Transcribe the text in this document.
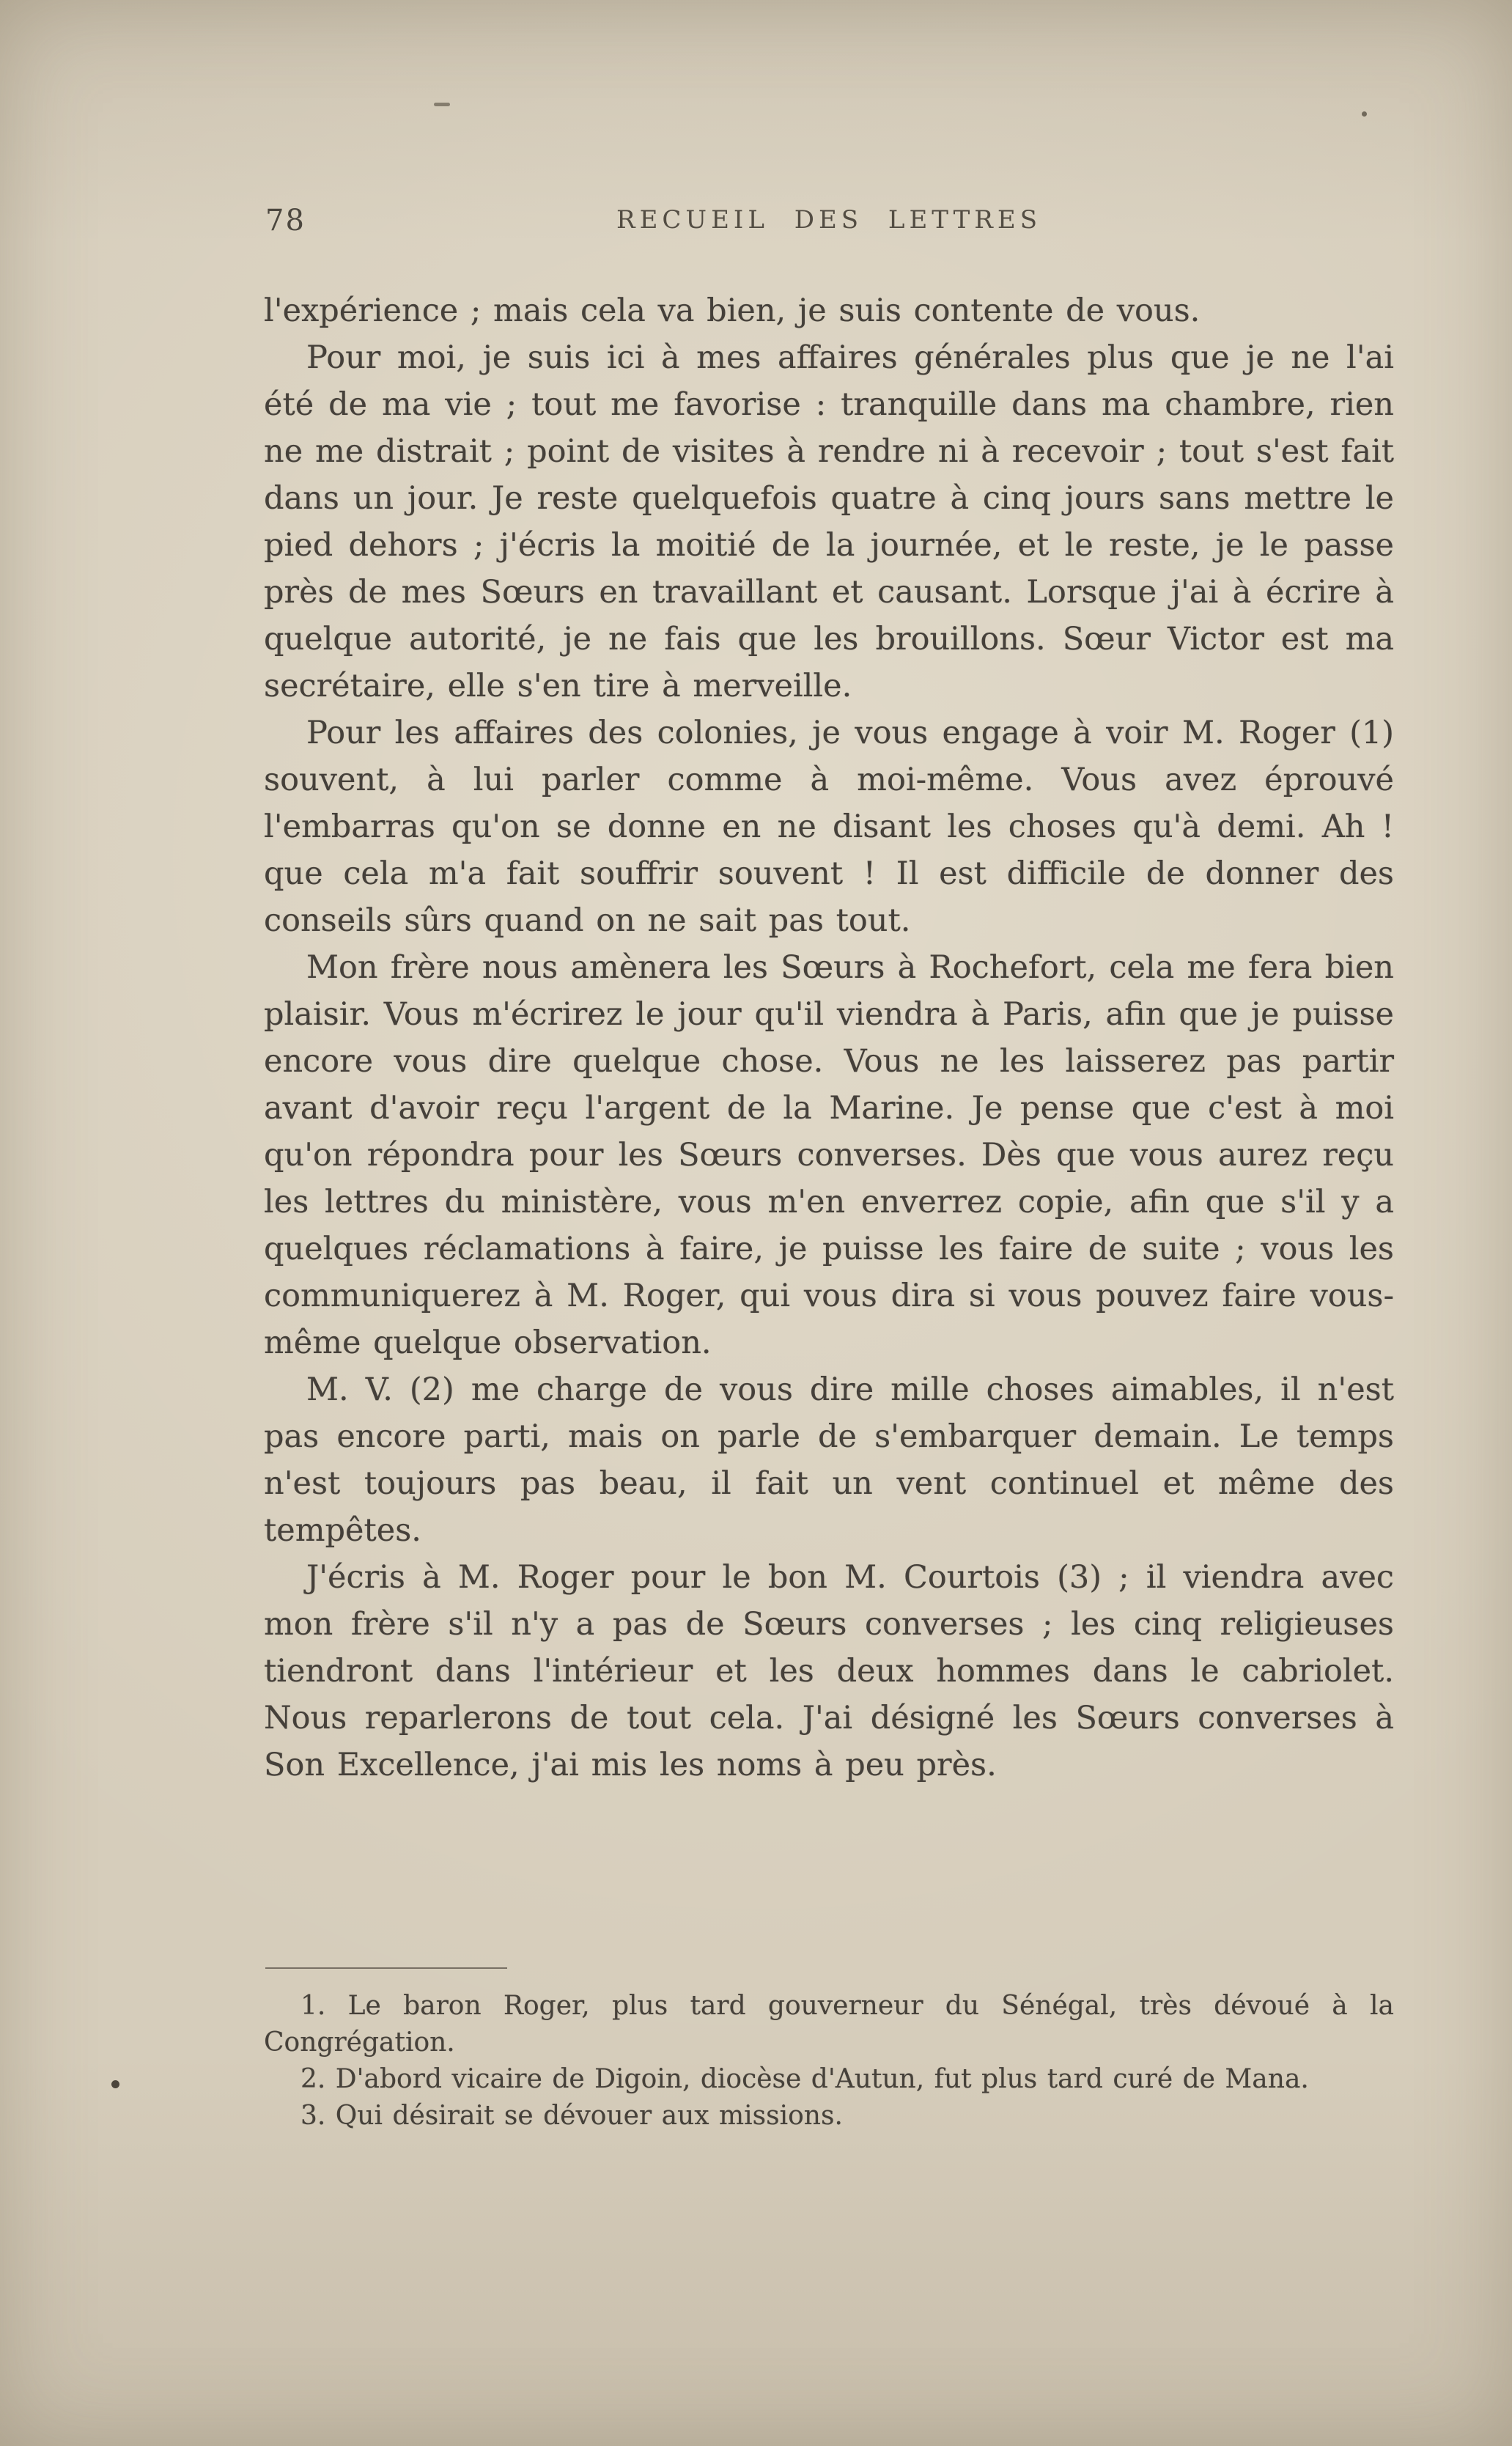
78	RECUEIL DES LETTRES

l'expérience ; mais cela va bien, je suis contente de vous.

Pour moi, je suis ici à mes affaires générales plus que je ne l'ai été de ma vie ; tout me favorise : tranquille dans ma chambre, rien ne me distrait ; point de visites à rendre ni à recevoir ; tout s'est fait dans un jour. Je reste quelquefois quatre à cinq jours sans mettre le pied dehors ; j'écris la moitié de la journée, et le reste, je le passe près de mes Sœurs en travaillant et causant. Lorsque j'ai à écrire à quelque autorité, je ne fais que les brouillons. Sœur Victor est ma secrétaire, elle s'en tire à merveille.

Pour les affaires des colonies, je vous engage à voir M. Roger (1) souvent, à lui parler comme à moi-même. Vous avez éprouvé l'embarras qu'on se donne en ne disant les choses qu'à demi. Ah ! que cela m'a fait souffrir souvent ! Il est difficile de donner des conseils sûrs quand on ne sait pas tout.

Mon frère nous amènera les Sœurs à Rochefort, cela me fera bien plaisir. Vous m'écrirez le jour qu'il viendra à Paris, afin que je puisse encore vous dire quelque chose. Vous ne les laisserez pas partir avant d'avoir reçu l'argent de la Marine. Je pense que c'est à moi qu'on répondra pour les Sœurs converses. Dès que vous aurez reçu les lettres du ministère, vous m'en enverrez copie, afin que s'il y a quelques réclamations à faire, je puisse les faire de suite ; vous les communiquerez à M. Roger, qui vous dira si vous pouvez faire vous-même quelque observation.

M. V. (2) me charge de vous dire mille choses aimables, il n'est pas encore parti, mais on parle de s'embarquer demain. Le temps n'est toujours pas beau, il fait un vent continuel et même des tempêtes.

J'écris à M. Roger pour le bon M. Courtois (3) ; il viendra avec mon frère s'il n'y a pas de Sœurs converses ; les cinq religieuses tiendront dans l'intérieur et les deux hommes dans le cabriolet. Nous reparlerons de tout cela. J'ai désigné les Sœurs converses à Son Excellence, j'ai mis les noms à peu près.

1. Le baron Roger, plus tard gouverneur du Sénégal, très dévoué à la Congrégation.

2. D'abord vicaire de Digoin, diocèse d'Autun, fut plus tard curé de Mana.

3. Qui désirait se dévouer aux missions.
